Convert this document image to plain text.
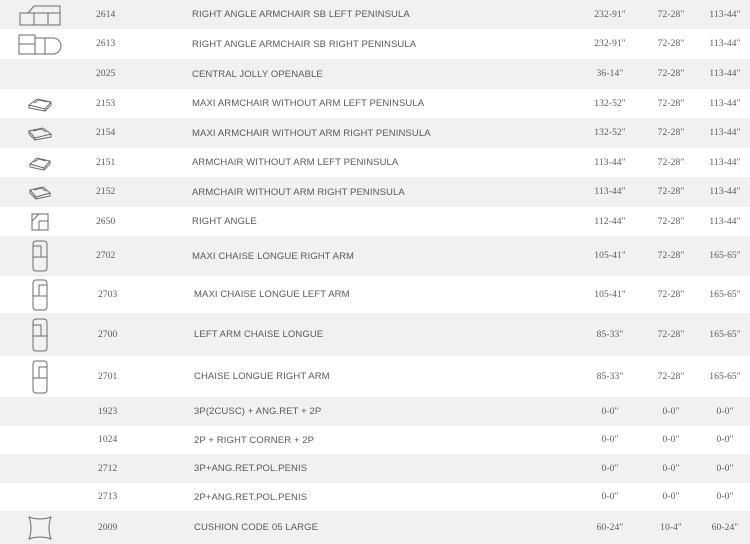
2614	RIGHT ANGLE ARMCHAIR SB LEFT PENINSULA	232-91"	72-28"	113-44"
2613	RIGHT ANGLE ARMCHAIR SB RIGHT PENINSULA	232-91"	72-28"	113-44"
2025	CENTRAL JOLLY OPENABLE	36-14"	72-28"	113-44"
2153	MAXI ARMCHAIR WITHOUT ARM LEFT PENINSULA	132-52"	72-28"	113-44"
2154	MAXI ARMCHAIR WITHOUT ARM RIGHT PENINSULA	132-52"	72-28"	113-44"
2151	ARMCHAIR WITHOUT ARM LEFT PENINSULA	113-44"	72-28"	113-44"
2152	ARMCHAIR WITHOUT ARM RIGHT PENINSULA	113-44"	72-28"	113-44"
2650	RIGHT ANGLE	112-44"	72-28"	113-44"
2702	MAXI CHAISE LONGUE RIGHT ARM	105-41"	72-28"	165-65"
2703	MAXI CHAISE LONGUE LEFT ARM	105-41"	72-28"	165-65"
2700	LEFT ARM CHAISE LONGUE	85-33"	72-28"	165-65"
2701	CHAISE LONGUE RIGHT ARM	85-33"	72-28"	165-65"
1923	3P(2CUSC) + ANG.RET + 2P	0-0"	0-0"	0-0"
1024	2P + RIGHT CORNER + 2P	0-0"	0-0"	0-0"
2712	3P+ANG.RET.POL.PENIS	0-0"	0-0"	0-0"
2713	2P+ANG.RET.POL.PENIS	0-0"	0-0"	0-0"
2009	CUSHION CODE 05 LARGE	60-24"	10-4"	60-24"
